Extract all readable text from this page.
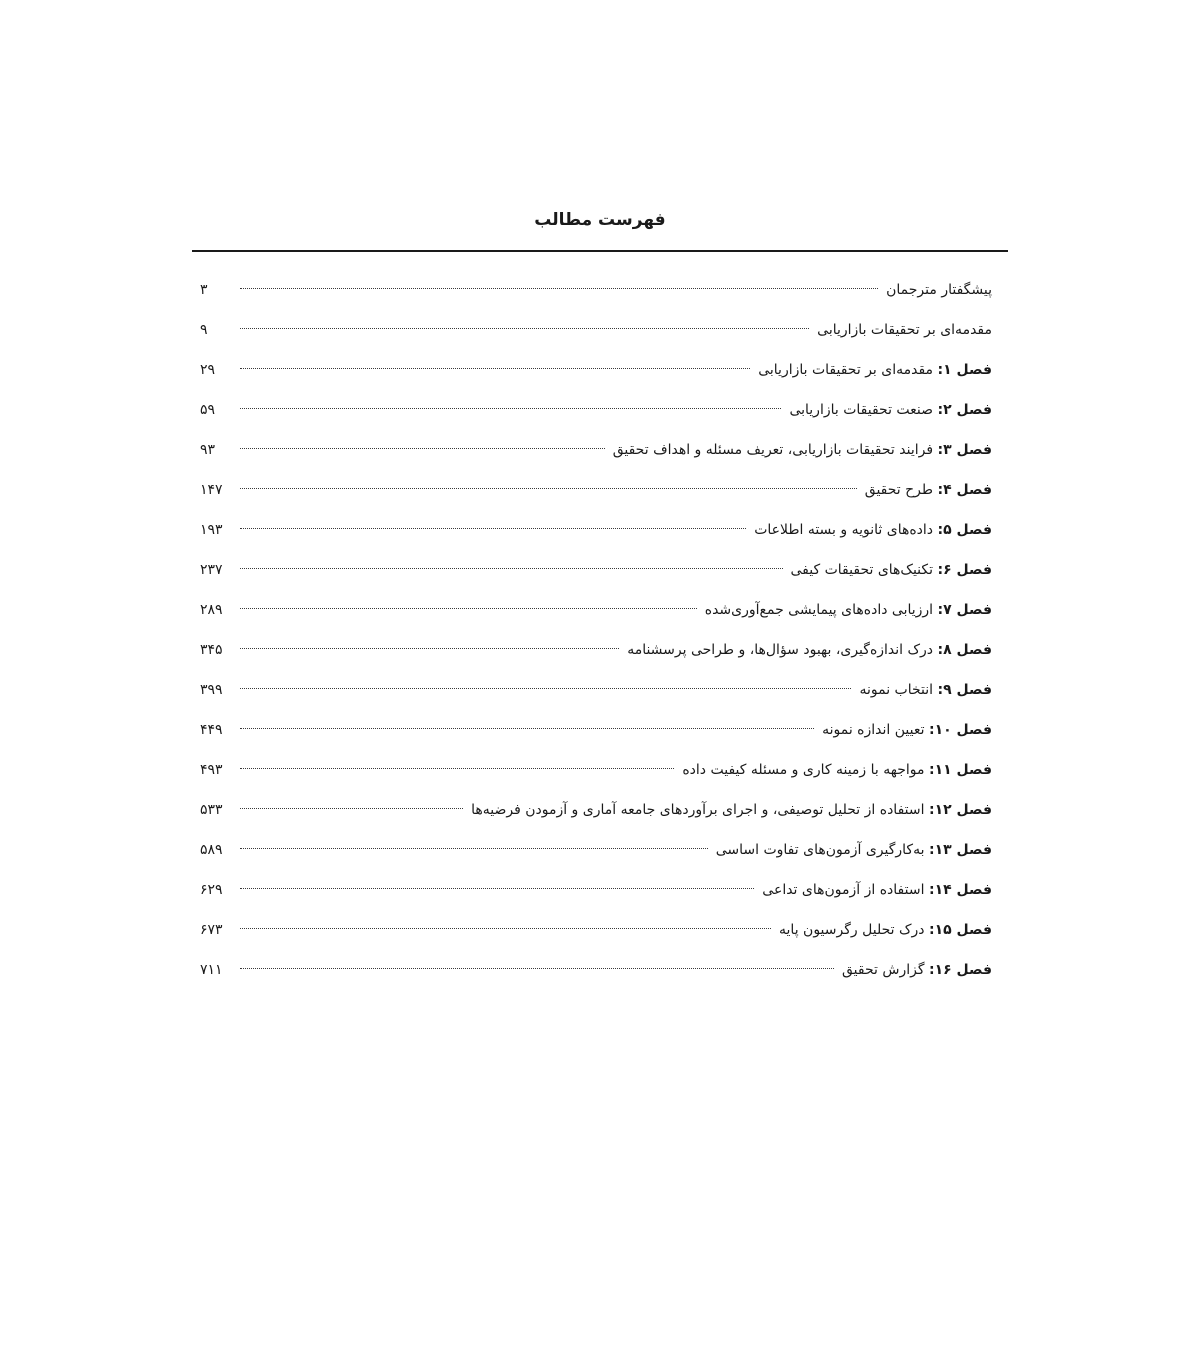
فهرست مطالب
پیشگفتار مترجمان
۳
مقدمه‌ای بر تحقیقات بازاریابی
۹
فصل ۱: مقدمه‌ای بر تحقیقات بازاریابی
۲۹
فصل ۲: صنعت تحقیقات بازاریابی
۵۹
فصل ۳: فرایند تحقیقات بازاریابی، تعریف مسئله و اهداف تحقیق
۹۳
فصل ۴: طرح تحقیق
۱۴۷
فصل ۵: داده‌های ثانویه و بسته اطلاعات
۱۹۳
فصل ۶: تکنیک‌های تحقیقات کیفی
۲۳۷
فصل ۷: ارزیابی داده‌های پیمایشی جمع‌آوری‌شده
۲۸۹
فصل ۸: درک اندازه‌گیری، بهبود سؤال‌ها، و طراحی پرسشنامه
۳۴۵
فصل ۹: انتخاب نمونه
۳۹۹
فصل ۱۰: تعیین اندازه نمونه
۴۴۹
فصل ۱۱: مواجهه با زمینه کاری و مسئله کیفیت داده
۴۹۳
فصل ۱۲: استفاده از تحلیل توصیفی، و اجرای برآوردهای جامعه آماری و آزمودن فرضیه‌ها
۵۳۳
فصل ۱۳: به‌کارگیری آزمون‌های تفاوت اساسی
۵۸۹
فصل ۱۴: استفاده از آزمون‌های تداعی
۶۲۹
فصل ۱۵: درک تحلیل رگرسیون پایه
۶۷۳
فصل ۱۶: گزارش تحقیق
۷۱۱
